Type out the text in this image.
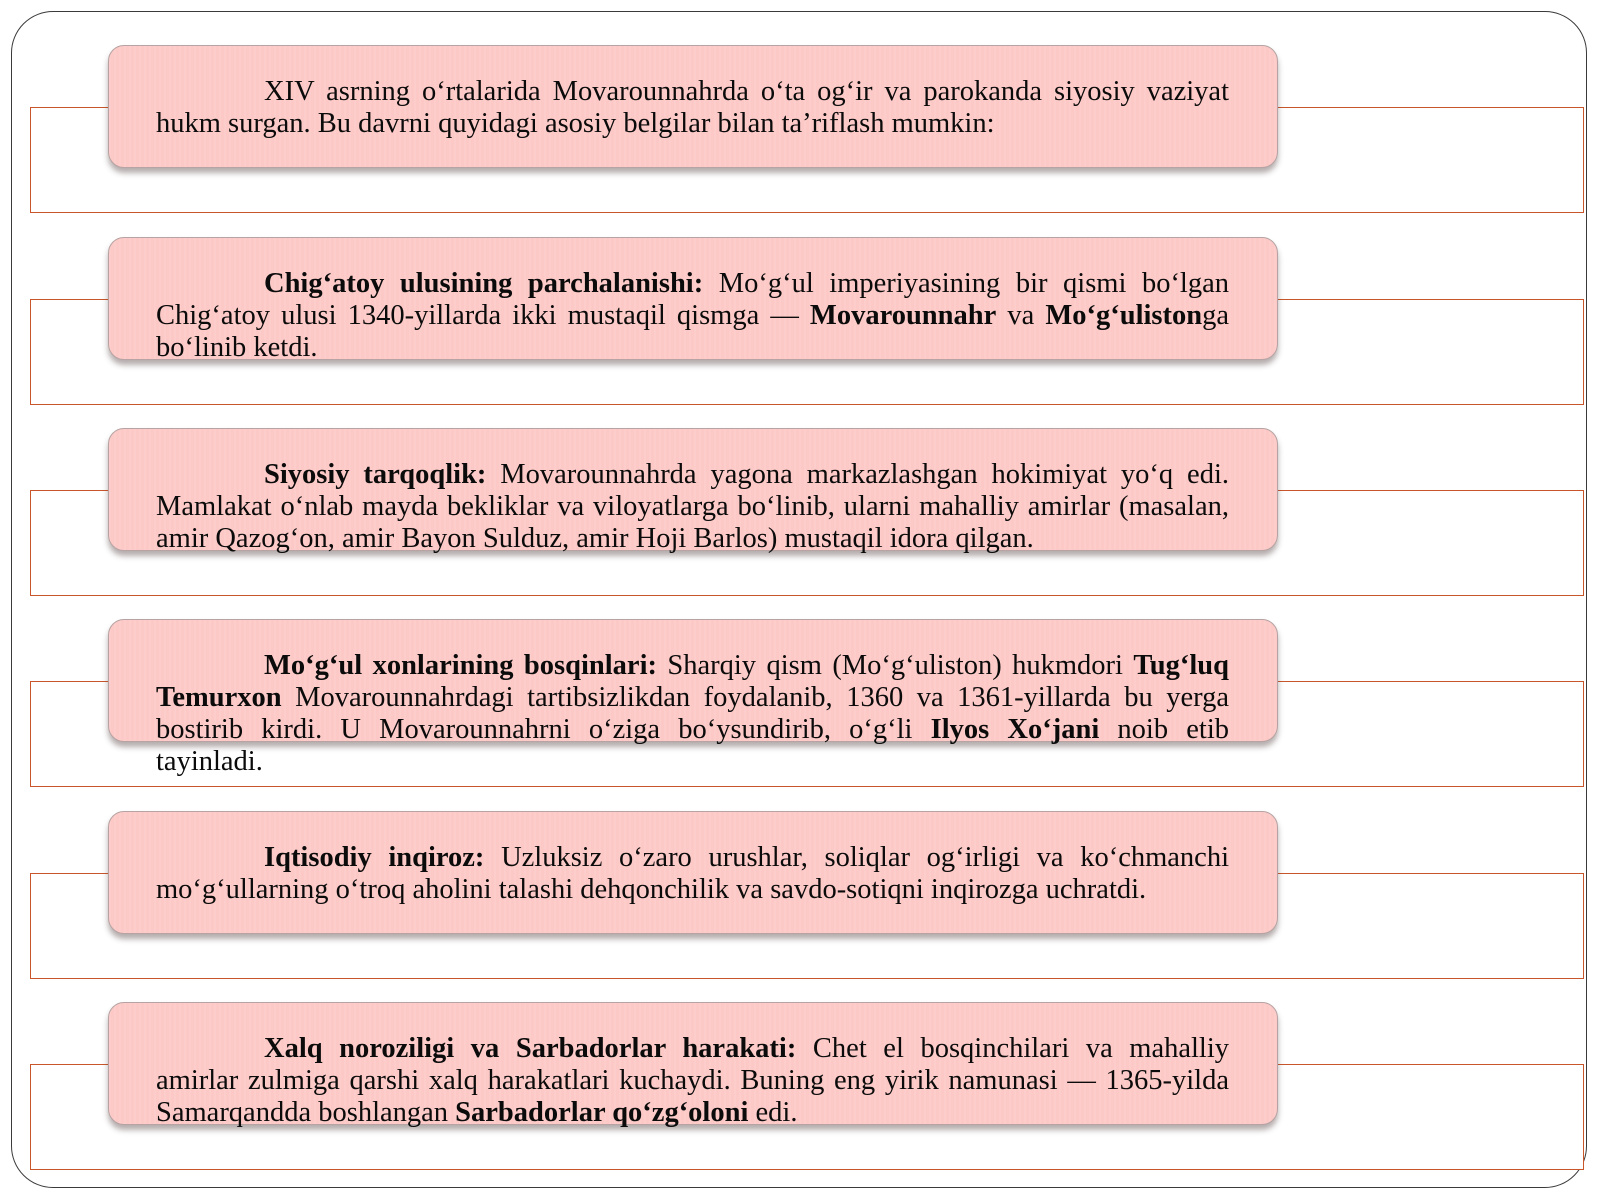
XIV asrning o‘rtalarida Movarounnahrda o‘ta og‘ir va parokanda siyosiy vaziyat hukm surgan. Bu davrni quyidagi asosiy belgilar bilan ta’riflash mumkin:

Chig‘atoy ulusining parchalanishi: Mo‘g‘ul imperiyasining bir qismi bo‘lgan Chig‘atoy ulusi 1340-yillarda ikki mustaqil qismga — Movarounnahr va Mo‘g‘ulistonga bo‘linib ketdi.

Siyosiy tarqoqlik: Movarounnahrda yagona markazlashgan hokimiyat yo‘q edi. Mamlakat o‘nlab mayda bekliklar va viloyatlarga bo‘linib, ularni mahalliy amirlar (masalan, amir Qazog‘on, amir Bayon Sulduz, amir Hoji Barlos) mustaqil idora qilgan.

Mo‘g‘ul xonlarining bosqinlari: Sharqiy qism (Mo‘g‘uliston) hukmdori Tug‘luq Temurxon Movarounnahrdagi tartibsizlikdan foydalanib, 1360 va 1361-yillarda bu yerga bostirib kirdi. U Movarounnahrni o‘ziga bo‘ysundirib, o‘g‘li Ilyos Xo‘jani noib etib tayinladi.

Iqtisodiy inqiroz: Uzluksiz o‘zaro urushlar, soliqlar og‘irligi va ko‘chmanchi mo‘g‘ullarning o‘troq aholini talashi dehqonchilik va savdo-sotiqni inqirozga uchratdi.

Xalq noroziligi va Sarbadorlar harakati: Chet el bosqinchilari va mahalliy amirlar zulmiga qarshi xalq harakatlari kuchaydi. Buning eng yirik namunasi — 1365-yilda Samarqandda boshlangan Sarbadorlar qo‘zg‘oloni edi.
